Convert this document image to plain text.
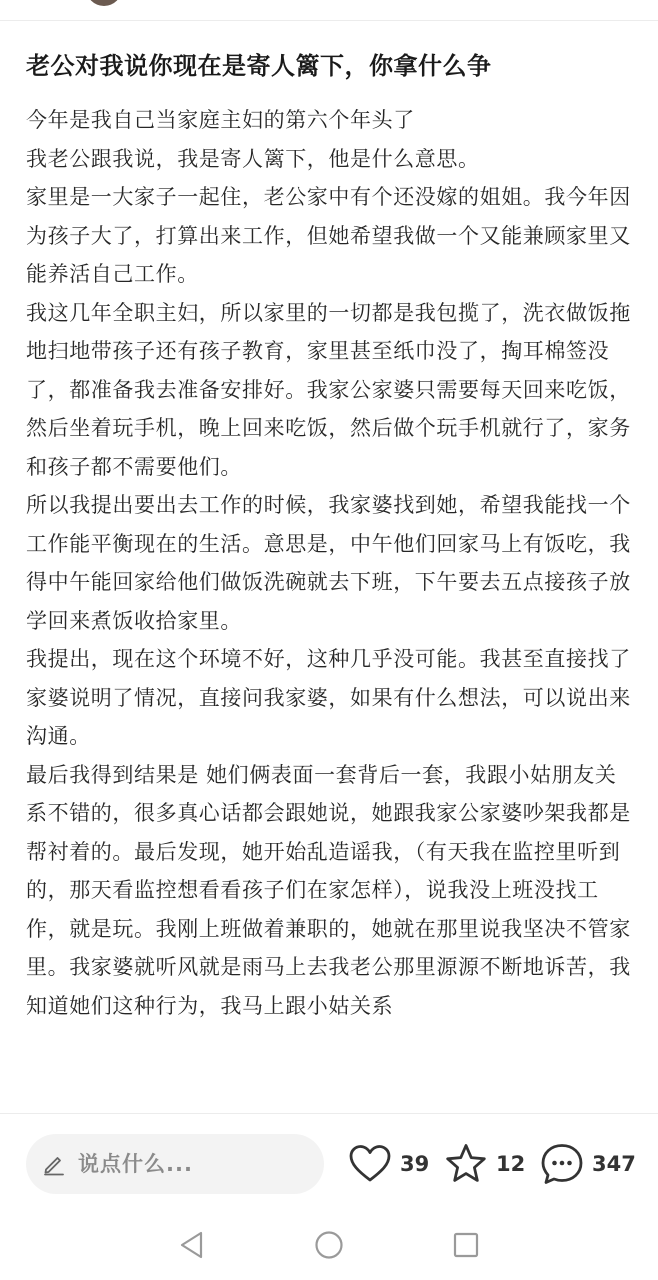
老公对我说你现在是寄人篱下，你拿什么争

今年是我自己当家庭主妇的第六个年头了

我老公跟我说，我是寄人篱下，他是什么意思。

家里是一大家子一起住，老公家中有个还没嫁的姐姐。我今年因为孩子大了，打算出来工作，但她希望我做一个又能兼顾家里又能养活自己工作。

我这几年全职主妇，所以家里的一切都是我包揽了，洗衣做饭拖地扫地带孩子还有孩子教育，家里甚至纸巾没了，掏耳棉签没了，都准备我去准备安排好。我家公家婆只需要每天回来吃饭，然后坐着玩手机，晚上回来吃饭，然后做个玩手机就行了，家务和孩子都不需要他们。

所以我提出要出去工作的时候，我家婆找到她，希望我能找一个工作能平衡现在的生活。意思是，中午他们回家马上有饭吃，我得中午能回家给他们做饭洗碗就去下班，下午要去五点接孩子放学回来煮饭收拾家里。

我提出，现在这个环境不好，这种几乎没可能。我甚至直接找了家婆说明了情况，直接问我家婆，如果有什么想法，可以说出来沟通。

最后我得到结果是 她们俩表面一套背后一套，我跟小姑朋友关系不错的，很多真心话都会跟她说，她跟我家公家婆吵架我都是帮衬着的。最后发现，她开始乱造谣我，（有天我在监控里听到的，那天看监控想看看孩子们在家怎样），说我没上班没找工作，就是玩。我刚上班做着兼职的，她就在那里说我坚决不管家里。我家婆就听风就是雨马上去我老公那里源源不断地诉苦，我知道她们这种行为，我马上跟小姑关系

说点什么...	39	12	347
